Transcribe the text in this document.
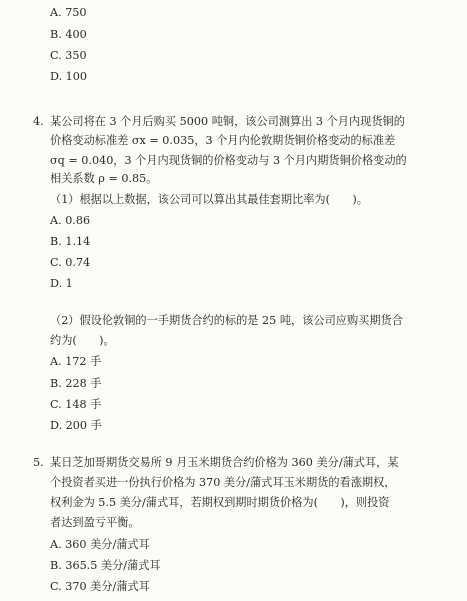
A. 750
B. 400
C. 350
D. 100
4. 某公司将在 3 个月后购买 5000 吨铜，该公司测算出 3 个月内现货铜的
价格变动标准差 σx = 0.035，3 个月内伦敦期货铜价格变动的标准差
σq = 0.040，3 个月内现货铜的价格变动与 3 个月内期货铜价格变动的
相关系数 ρ = 0.85。
（1）根据以上数据，该公司可以算出其最佳套期比率为(　　)。
A. 0.86
B. 1.14
C. 0.74
D. 1
（2）假设伦敦铜的一手期货合约的标的是 25 吨，该公司应购买期货合
约为(　　)。
A. 172 手
B. 228 手
C. 148 手
D. 200 手
5. 某日芝加哥期货交易所 9 月玉米期货合约价格为 360 美分/蒲式耳，某
个投资者买进一份执行价格为 370 美分/蒲式耳玉米期货的看涨期权，
权利金为 5.5 美分/蒲式耳，若期权到期时期货价格为(　　)，则投资
者达到盈亏平衡。
A. 360 美分/蒲式耳
B. 365.5 美分/蒲式耳
C. 370 美分/蒲式耳
